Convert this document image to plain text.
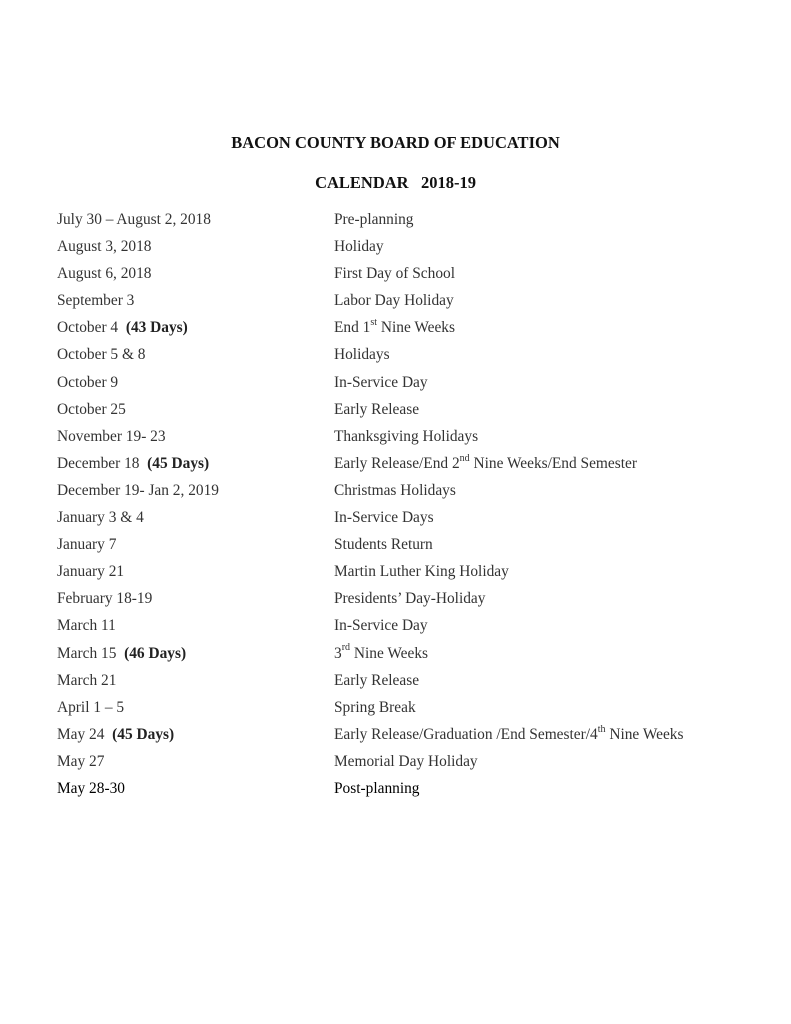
BACON COUNTY BOARD OF EDUCATION
CALENDAR   2018-19
July 30 – August 2, 2018	Pre-planning
August 3, 2018	Holiday
August 6, 2018	First Day of School
September 3	Labor Day Holiday
October 4  (43 Days)	End 1st Nine Weeks
October 5 & 8	Holidays
October 9	In-Service Day
October 25	Early Release
November 19- 23	Thanksgiving Holidays
December 18  (45 Days)	Early Release/End 2nd Nine Weeks/End Semester
December 19- Jan 2, 2019	Christmas Holidays
January 3 & 4	In-Service Days
January 7	Students Return
January 21	Martin Luther King Holiday
February 18-19	Presidents’ Day-Holiday
March 11	In-Service Day
March 15  (46 Days)	3rd Nine Weeks
March 21	Early Release
April 1 – 5	Spring Break
May 24  (45 Days)	Early Release/Graduation /End Semester/4th Nine Weeks
May 27	Memorial Day Holiday
May 28-30	Post-planning
